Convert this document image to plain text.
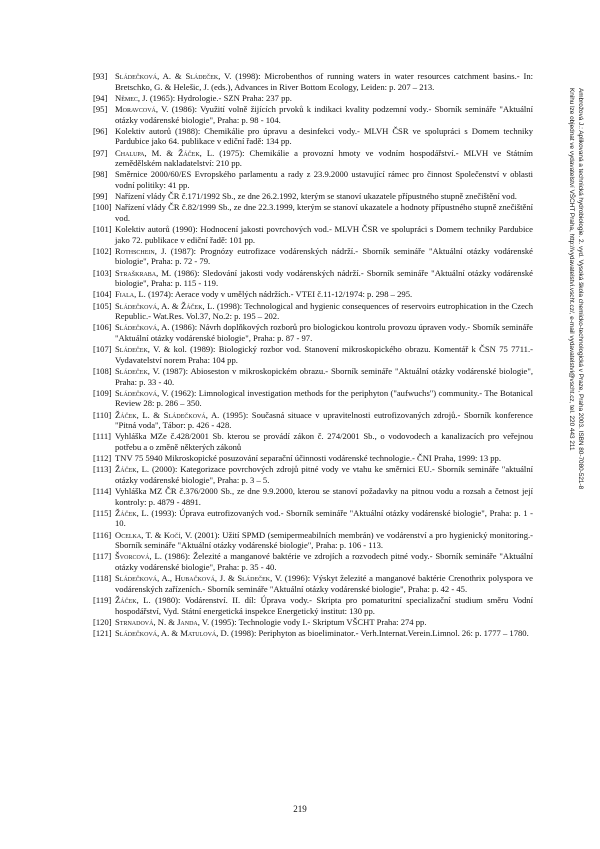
[93] Sládečková, A. & Sládeček, V. (1998): Microbenthos of running waters in water resources catchment basins.- In: Bretschko, G. & Helešic, J. (eds.), Advances in River Bottom Ecology, Leiden: p. 207 – 213.
[94] Němec, J. (1965): Hydrologie.- SZN Praha: 237 pp.
[95] Moravcová, V. (1986): Využití volně žijících prvoků k indikaci kvality podzemní vody.- Sborník semináře "Aktuální otázky vodárenské biologie", Praha: p. 98 - 104.
[96] Kolektiv autorů (1988): Chemikálie pro úpravu a desinfekci vody.- MLVH ČSR ve spolupráci s Domem techniky Pardubice jako 64. publikace v ediční řadě: 134 pp.
[97] Chalupa, M. & Žáček, L. (1975): Chemikálie a provozní hmoty ve vodním hospodářství.- MLVH ve Státním zemědělském nakladatelství: 210 pp.
[98] Směrnice 2000/60/ES Evropského parlamentu a rady z 23.9.2000 ustavující rámec pro činnost Společenství v oblasti vodní politiky: 41 pp.
[99] Nařízení vlády ČR č.171/1992 Sb., ze dne 26.2.1992, kterým se stanoví ukazatele přípustného stupně znečištění vod.
[100] Nařízení vlády ČR č.82/1999 Sb., ze dne 22.3.1999, kterým se stanoví ukazatele a hodnoty přípustného stupně znečištění vod.
[101] Kolektiv autorů (1990): Hodnocení jakosti povrchových vod.- MLVH ČSR ve spolupráci s Domem techniky Pardubice jako 72. publikace v ediční řadě: 101 pp.
[102] Rothschein, J. (1987): Prognózy eutrofizace vodárenských nádrží.- Sborník semináře "Aktuální otázky vodárenské biologie", Praha: p. 72 - 79.
[103] Straškraba, M. (1986): Sledování jakosti vody vodárenských nádrží.- Sborník semináře "Aktuální otázky vodárenské biologie", Praha: p. 115 - 119.
[104] Fiala, L. (1974): Aerace vody v umělých nádržích.- VTEI č.11-12/1974: p. 298 – 295.
[105] Sládečková, A. & Žáček, L. (1998): Technological and hygienic consequences of reservoirs eutrophication in the Czech Republic.- Wat.Res. Vol.37, No.2: p. 195 – 202.
[106] Sládečková, A. (1986): Návrh doplňkových rozborů pro biologickou kontrolu provozu úpraven vody.- Sborník semináře "Aktuální otázky vodárenské biologie", Praha: p. 87 - 97.
[107] Sládeček, V. & kol. (1989): Biologický rozbor vod. Stanovení mikroskopického obrazu. Komentář k ČSN 75 7711.- Vydavatelství norem Praha: 104 pp.
[108] Sládeček, V. (1987): Abioseston v mikroskopickém obrazu.- Sborník semináře "Aktuální otázky vodárenské biologie", Praha: p. 33 - 40.
[109] Sládečková, V. (1962): Limnological investigation methods for the periphyton ("aufwuchs") community.- The Botanical Review 28: p. 286 – 350.
[110] Žáček, L. & Sládečková, A. (1995): Současná situace v upravitelnosti eutrofizovaných zdrojů.- Sborník konference "Pitná voda", Tábor: p. 426 - 428.
[111] Vyhláška MZe č.428/2001 Sb. kterou se provádí zákon č. 274/2001 Sb., o vodovodech a kanalizacích pro veřejnou potřebu a o změně některých zákonů
[112] TNV 75 5940 Mikroskopické posuzování separační účinnosti vodárenské technologie.- ČNI Praha, 1999: 13 pp.
[113] Žáček, L. (2000): Kategorizace povrchových zdrojů pitné vody ve vtahu ke směrnici EU.- Sborník semináře "aktuální otázky vodárenské biologie", Praha: p. 3 – 5.
[114] Vyhláška MZ ČR č.376/2000 Sb., ze dne 9.9.2000, kterou se stanoví požadavky na pitnou vodu a rozsah a četnost její kontroly: p. 4879 - 4891.
[115] Žáček, L. (1993): Úprava eutrofizovaných vod.- Sborník semináře "Aktuální otázky vodárenské biologie", Praha: p. 1 - 10.
[116] Ocelka, T. & Kočí, V. (2001): Užití SPMD (semipermeabilních membrán) ve vodárenství a pro hygienický monitoring.- Sborník semináře "Aktuální otázky vodárenské biologie", Praha: p. 106 - 113.
[117] Švorcová, L. (1986): Železité a manganové baktérie ve zdrojích a rozvodech pitné vody.- Sborník semináře "Aktuální otázky vodárenské biologie", Praha: p. 35 - 40.
[118] Sládečková, A., Hubačková, J. & Sládeček, V. (1996): Výskyt železité a manganové baktérie Crenothrix polyspora ve vodárenských zařízeních.- Sborník semináře "Aktuální otázky vodárenské biologie", Praha: p. 42 - 45.
[119] Žáček, L. (1980): Vodárenství. II. díl: Úprava vody.- Skripta pro pomaturitní specializační studium směru Vodní hospodářství, Vyd. Státní energetická inspekce Energetický institut: 130 pp.
[120] Strnadová, N. & Janda, V. (1995): Technologie vody I.- Skriptum VŠCHT Praha: 274 pp.
[121] Sládečková, A. & Matulová, D. (1998): Periphyton as bioeliminator.- Verh.Internat.Verein.Limnol. 26: p. 1777 – 1780.
Ambrožová J.: Aplikovaná a technická hydrobiologie. 2. vyd. Vysoká škola chemicko-technologická v Praze, Praha 2003. ISBN 80-7080-521-8
Knihu lze objednat ve vydavatelství VŠCHT Praha, http://vydavatelstvi.vscht.cz/, e-mail vydavatelstvi@vscht.cz, tel. 220 443 211
219
